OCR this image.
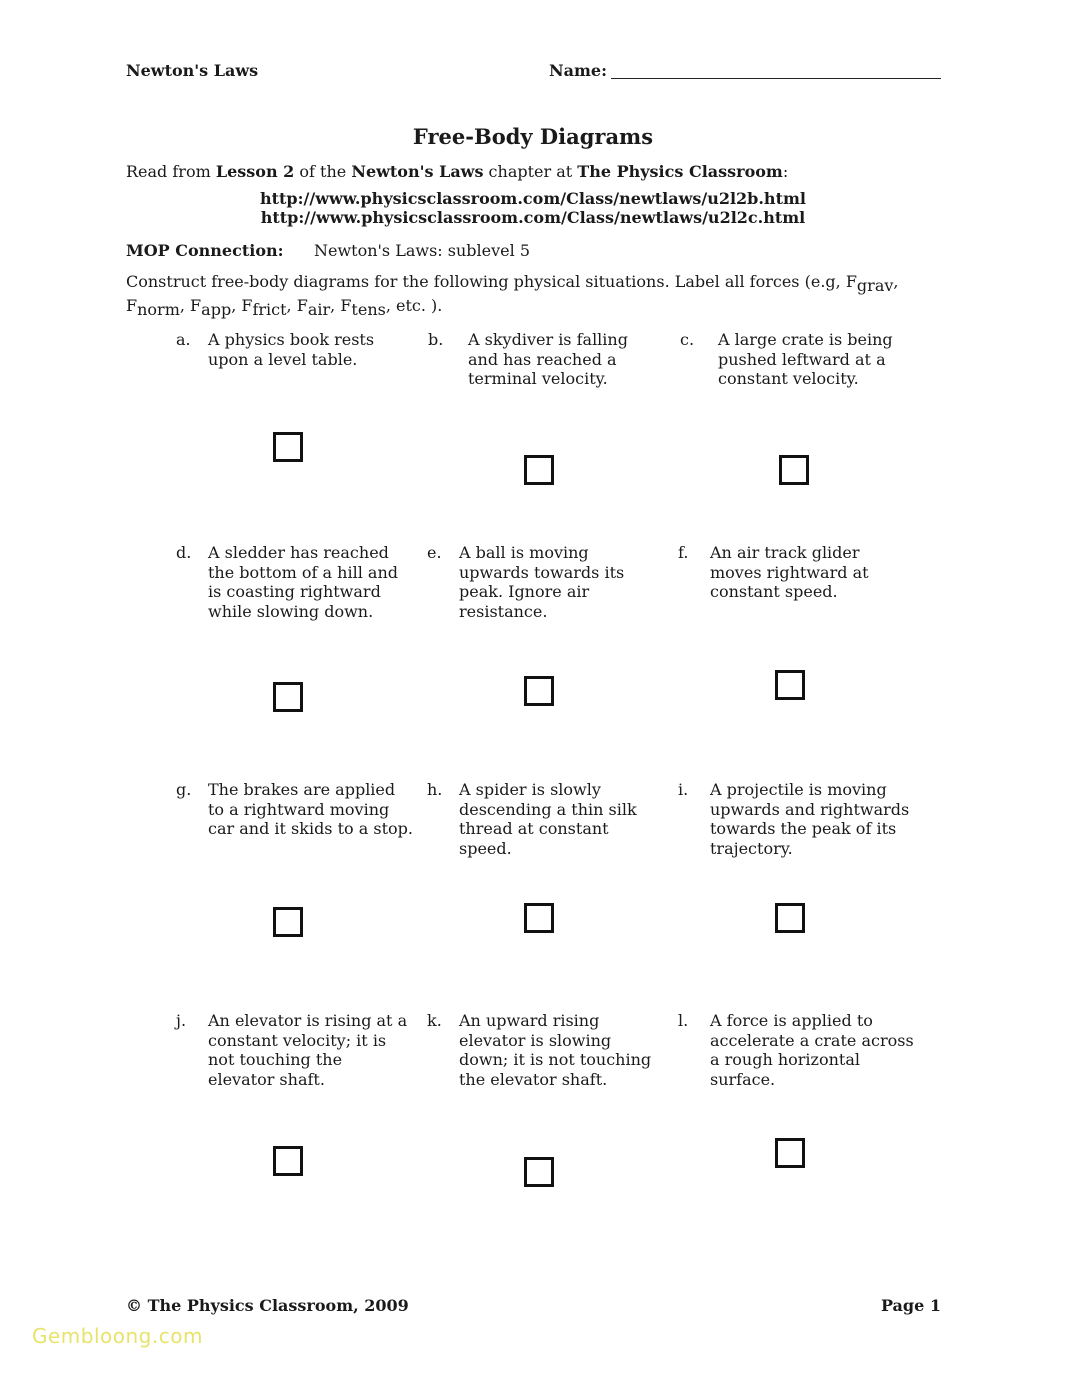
Newton's Laws	Name:
Free-Body Diagrams
Read from Lesson 2 of the Newton's Laws chapter at The Physics Classroom:
http://www.physicsclassroom.com/Class/newtlaws/u2l2b.html
http://www.physicsclassroom.com/Class/newtlaws/u2l2c.html
MOP Connection: Newton's Laws: sublevel 5
Construct free-body diagrams for the following physical situations. Label all forces (e.g, $F_{grav}$, $F_{norm}$, $F_{app}$, $F_{frict}$, $F_{air}$, $F_{tens}$, etc. ).
a. A physics book rests upon a level table.
b. A skydiver is falling and has reached a terminal velocity.
c. A large crate is being pushed leftward at a constant velocity.
d. A sledder has reached the bottom of a hill and is coasting rightward while slowing down.
e. A ball is moving upwards towards its peak. Ignore air resistance.
f. An air track glider moves rightward at constant speed.
g. The brakes are applied to a rightward moving car and it skids to a stop.
h. A spider is slowly descending a thin silk thread at constant speed.
i. A projectile is moving upwards and rightwards towards the peak of its trajectory.
j. An elevator is rising at a constant velocity; it is not touching the elevator shaft.
k. An upward rising elevator is slowing down; it is not touching the elevator shaft.
l. A force is applied to accelerate a crate across a rough horizontal surface.
© The Physics Classroom, 2009	Page 1
Gembloong.com
